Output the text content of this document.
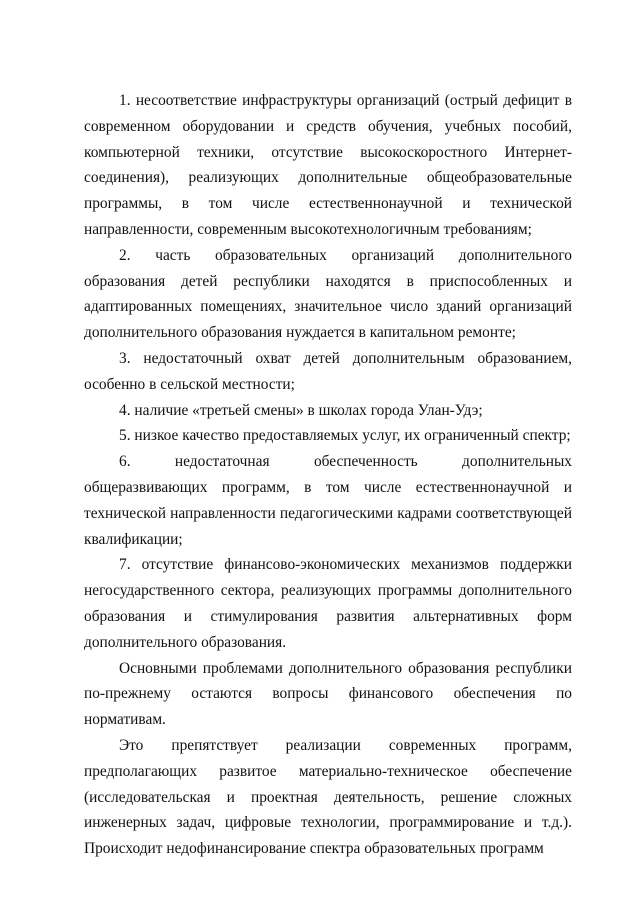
1. несоответствие инфраструктуры организаций (острый дефицит в современном оборудовании и средств обучения, учебных пособий, компьютерной техники, отсутствие высокоскоростного Интернет-соединения), реализующих дополнительные общеобразовательные программы, в том числе естественнонаучной и технической направленности, современным высокотехнологичным требованиям;

2. часть образовательных организаций дополнительного образования детей республики находятся в приспособленных и адаптированных помещениях, значительное число зданий организаций дополнительного образования нуждается в капитальном ремонте;

3. недостаточный охват детей дополнительным образованием, особенно в сельской местности;

4. наличие «третьей смены» в школах города Улан-Удэ;

5. низкое качество предоставляемых услуг, их ограниченный спектр;

6. недостаточная обеспеченность дополнительных общеразвивающих программ, в том числе естественнонаучной и технической направленности педагогическими кадрами соответствующей квалификации;

7. отсутствие финансово-экономических механизмов поддержки негосударственного сектора, реализующих программы дополнительного образования и стимулирования развития альтернативных форм дополнительного образования.

Основными проблемами дополнительного образования республики по-прежнему остаются вопросы финансового обеспечения по нормативам.

Это препятствует реализации современных программ, предполагающих развитое материально-техническое обеспечение (исследовательская и проектная деятельность, решение сложных инженерных задач, цифровые технологии, программирование и т.д.). Происходит недофинансирование спектра образовательных программ
